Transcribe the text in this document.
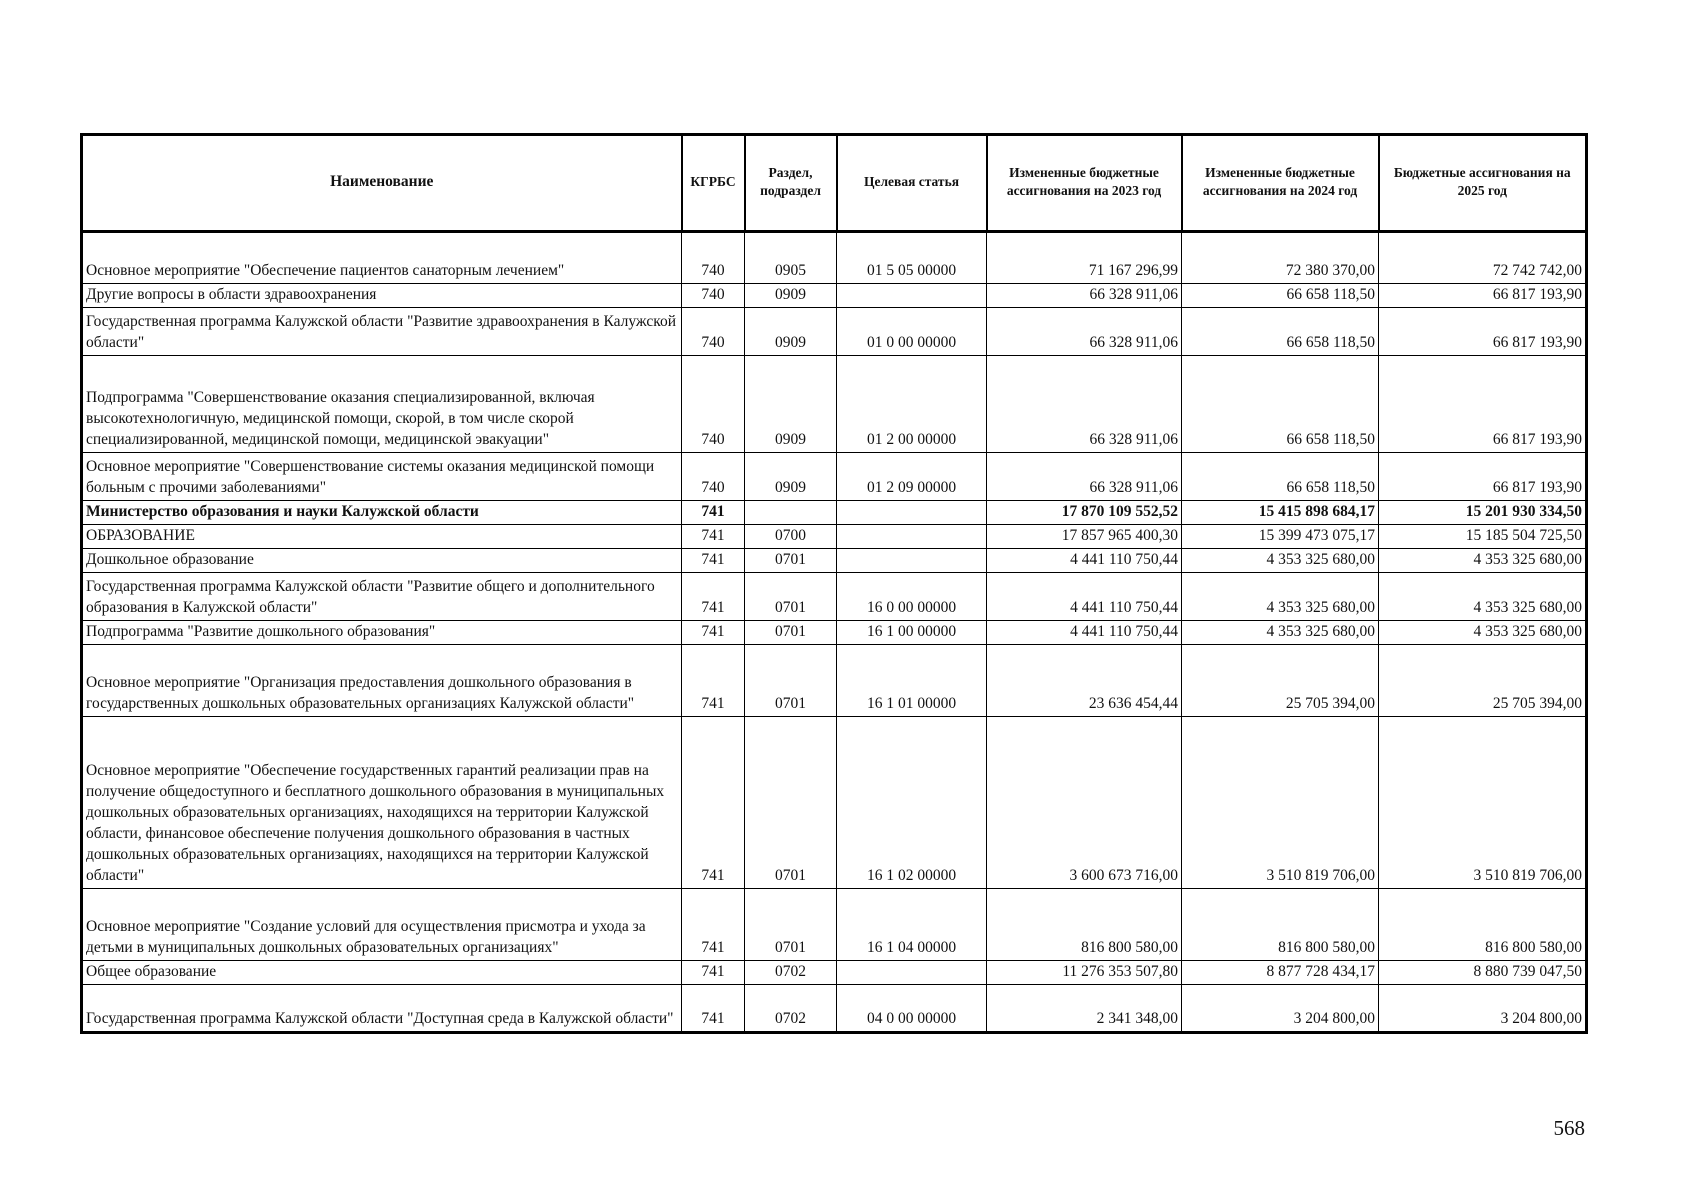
Наименование	КГРБС	Раздел, подраздел	Целевая статья	Измененные бюджетные ассигнования на 2023 год	Измененные бюджетные ассигнования на 2024 год	Бюджетные ассигнования на 2025 год
Основное мероприятие "Обеспечение пациентов санаторным лечением"	740	0905	01 5 05 00000	71 167 296,99	72 380 370,00	72 742 742,00
Другие вопросы в области здравоохранения	740	0909		66 328 911,06	66 658 118,50	66 817 193,90
Государственная программа Калужской области "Развитие здравоохранения в Калужской области"	740	0909	01 0 00 00000	66 328 911,06	66 658 118,50	66 817 193,90
Подпрограмма "Совершенствование оказания специализированной, включая высокотехнологичную, медицинской помощи, скорой, в том числе скорой специализированной, медицинской помощи, медицинской эвакуации"	740	0909	01 2 00 00000	66 328 911,06	66 658 118,50	66 817 193,90
Основное мероприятие "Совершенствование системы оказания медицинской помощи больным с прочими заболеваниями"	740	0909	01 2 09 00000	66 328 911,06	66 658 118,50	66 817 193,90
Министерство образования и науки Калужской области	741			17 870 109 552,52	15 415 898 684,17	15 201 930 334,50
ОБРАЗОВАНИЕ	741	0700		17 857 965 400,30	15 399 473 075,17	15 185 504 725,50
Дошкольное образование	741	0701		4 441 110 750,44	4 353 325 680,00	4 353 325 680,00
Государственная программа Калужской области "Развитие общего и дополнительного образования в Калужской области"	741	0701	16 0 00 00000	4 441 110 750,44	4 353 325 680,00	4 353 325 680,00
Подпрограмма "Развитие дошкольного образования"	741	0701	16 1 00 00000	4 441 110 750,44	4 353 325 680,00	4 353 325 680,00
Основное мероприятие "Организация предоставления дошкольного образования в государственных дошкольных образовательных организациях Калужской области"	741	0701	16 1 01 00000	23 636 454,44	25 705 394,00	25 705 394,00
Основное мероприятие "Обеспечение государственных гарантий реализации прав на получение общедоступного и бесплатного дошкольного образования в муниципальных дошкольных образовательных организациях, находящихся на территории Калужской области, финансовое обеспечение получения дошкольного образования в частных дошкольных образовательных организациях, находящихся на территории Калужской области"	741	0701	16 1 02 00000	3 600 673 716,00	3 510 819 706,00	3 510 819 706,00
Основное мероприятие "Создание условий для осуществления присмотра и ухода за детьми в муниципальных дошкольных образовательных организациях"	741	0701	16 1 04 00000	816 800 580,00	816 800 580,00	816 800 580,00
Общее образование	741	0702		11 276 353 507,80	8 877 728 434,17	8 880 739 047,50
Государственная программа Калужской области "Доступная среда в Калужской области"	741	0702	04 0 00 00000	2 341 348,00	3 204 800,00	3 204 800,00
568
